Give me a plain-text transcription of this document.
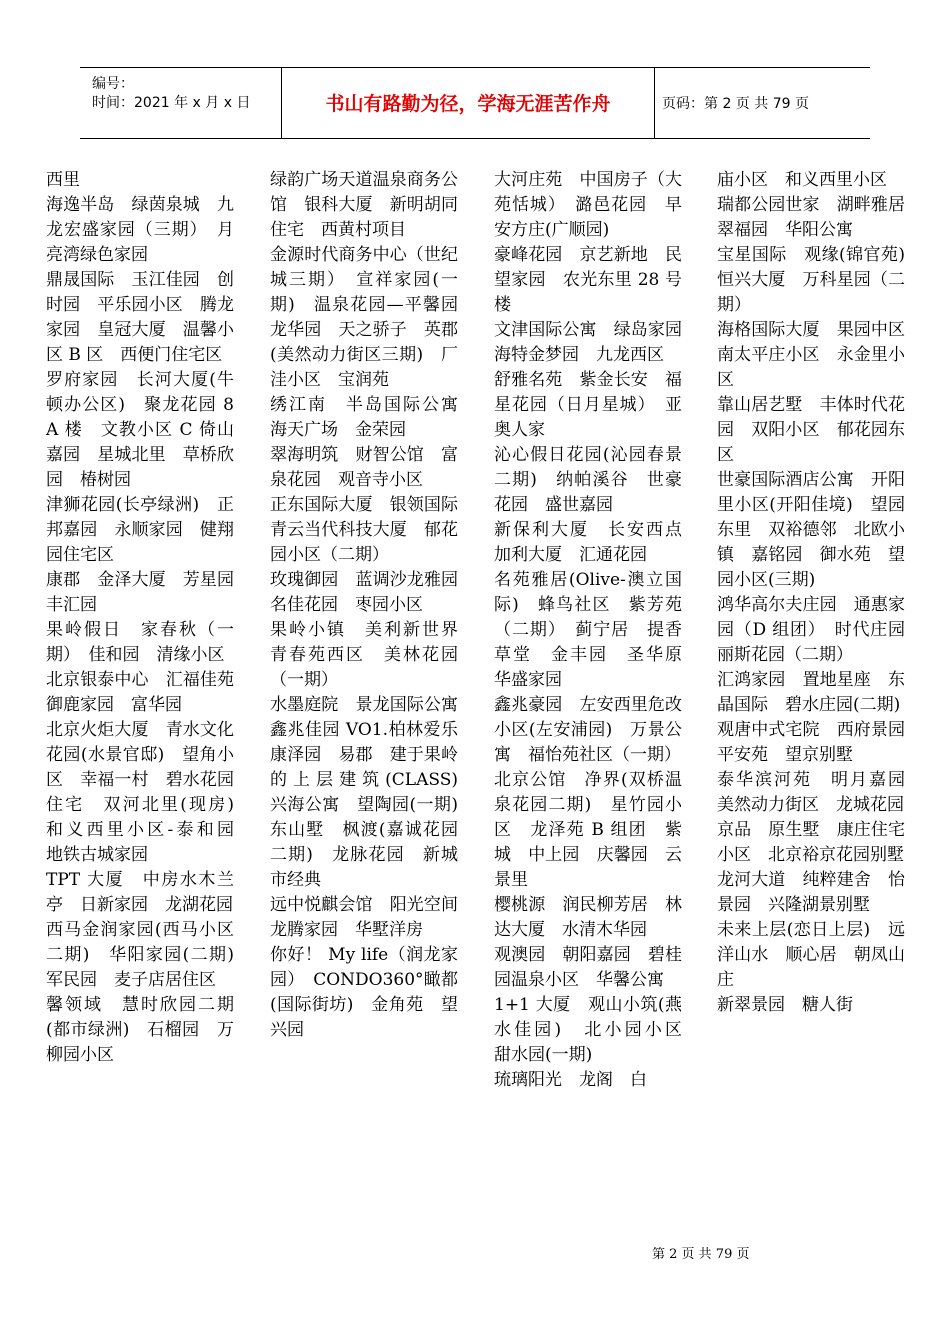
编号：
时间：2021 年 x 月 x 日	书山有路勤为径，学海无涯苦作舟	页码：第 2 页 共 79 页
西里
海逸半岛　绿茵泉城　九龙宏盛家园（三期）　月亮湾绿色家园
鼎晟国际　玉江佳园　创时园　平乐园小区　腾龙家园　皇冠大厦　温馨小区 B 区　西便门住宅区
罗府家园　长河大厦(牛顿办公区)　聚龙花园 8A 楼　文教小区 C 倚山嘉园　星城北里　草桥欣园　椿树园
津狮花园(长亭绿洲)　正邦嘉园　永顺家园　健翔园住宅区
康郡　金泽大厦　芳星园　丰汇园
果岭假日　家春秋（一期）　佳和园　清缘小区
北京银泰中心　汇福佳苑　御鹿家园　富华园
北京火炬大厦　青水文化花园(水景官邸)　望角小区　幸福一村　碧水花园住宅　双河北里(现房)　和义西里小区-泰和园　地铁古城家园
TPT 大厦　中房水木兰亭　日新家园　龙湖花园
西马金润家园(西马小区二期)　华阳家园(二期)　军民园　麦子店居住区
馨领域　慧时欣园二期(都市绿洲)　石榴园　万柳园小区
绿韵广场天道温泉商务公馆　银科大厦　新明胡同住宅　西黄村项目
金源时代商务中心（世纪城三期）　宣祥家园(一期)　温泉花园—平馨园　龙华园　天之骄子　英郡(美然动力街区三期)　厂洼小区　宝润苑
绣江南　半岛国际公寓　海天广场　金荣园
翠海明筑　财智公馆　富泉花园　观音寺小区
正东国际大厦　银领国际　青云当代科技大厦　郁花园小区（二期）
玫瑰御园　蓝调沙龙雅园　名佳花园　枣园小区
果岭小镇　美利新世界　青春苑西区　美林花园（一期）
水墨庭院　景龙国际公寓　鑫兆佳园 VO1.柏林爱乐　康泽园　易郡　建于果岭的上层建筑(CLASS)　兴海公寓　望陶园(一期)　东山墅　枫渡(嘉诚花园二期)　龙脉花园　新城市经典
远中悦麒会馆　阳光空间　龙腾家园　华墅洋房
你好！ My life（润龙家园）　CONDO360°瞰都(国际街坊)　金角苑　望兴园
大河庄苑　中国房子（大苑恬城）　潞邑花园　早安方庄(广顺园)
豪峰花园　京艺新地　民望家园　农光东里 28 号楼
文津国际公寓　绿岛家园　海特金梦园　九龙西区
舒雅名苑　紫金长安　福星花园（日月星城）　亚奥人家
沁心假日花园(沁园春景二期)　纳帕溪谷　世豪花园　盛世嘉园
新保利大厦　长安西点　加利大厦　汇通花园
名苑雅居(Olive-澳立国际)　蜂鸟社区　紫芳苑（二期）　蓟宁居　提香草堂　金丰园　圣华原　华盛家园
鑫兆豪园　左安西里危改小区(左安浦园)　万景公寓　福怡苑社区（一期）
北京公馆　净界(双桥温泉花园二期)　星竹园小区　龙泽苑 B 组团　紫城　中上园　庆馨园　云景里
樱桃源　润民柳芳居　林达大厦　水清木华园
观澳园　朝阳嘉园　碧桂园温泉小区　华馨公寓
1+1 大厦　观山小筑(燕水佳园)　北小园小区　甜水园(一期)
琉璃阳光　龙阁　白
庙小区　和义西里小区
瑞都公园世家　湖畔雅居　翠福园　华阳公寓
宝星国际　观缘(锦官苑)　恒兴大厦　万科星园（二期）
海格国际大厦　果园中区　南太平庄小区　永金里小区
靠山居艺墅　丰体时代花园　双阳小区　郁花园东区
世豪国际酒店公寓　开阳里小区(开阳佳境)　望园东里　双裕德邻　北欧小镇　嘉铭园　御水苑　望园小区(三期)
鸿华高尔夫庄园　通惠家园（D 组团）　时代庄园　丽斯花园（二期）
汇鸿家园　置地星座　东晶国际　碧水庄园(二期)
观唐中式宅院　西府景园　平安苑　望京别墅
泰华滨河苑　明月嘉园　美然动力街区　龙城花园
京品　原生墅　康庄住宅小区　北京裕京花园别墅
龙河大道　纯粹建舍　怡景园　兴隆湖景别墅
未来上层(恋日上层)　远洋山水　顺心居　朝凤山庄
新翠景园　糖人街
第 2 页 共 79 页
